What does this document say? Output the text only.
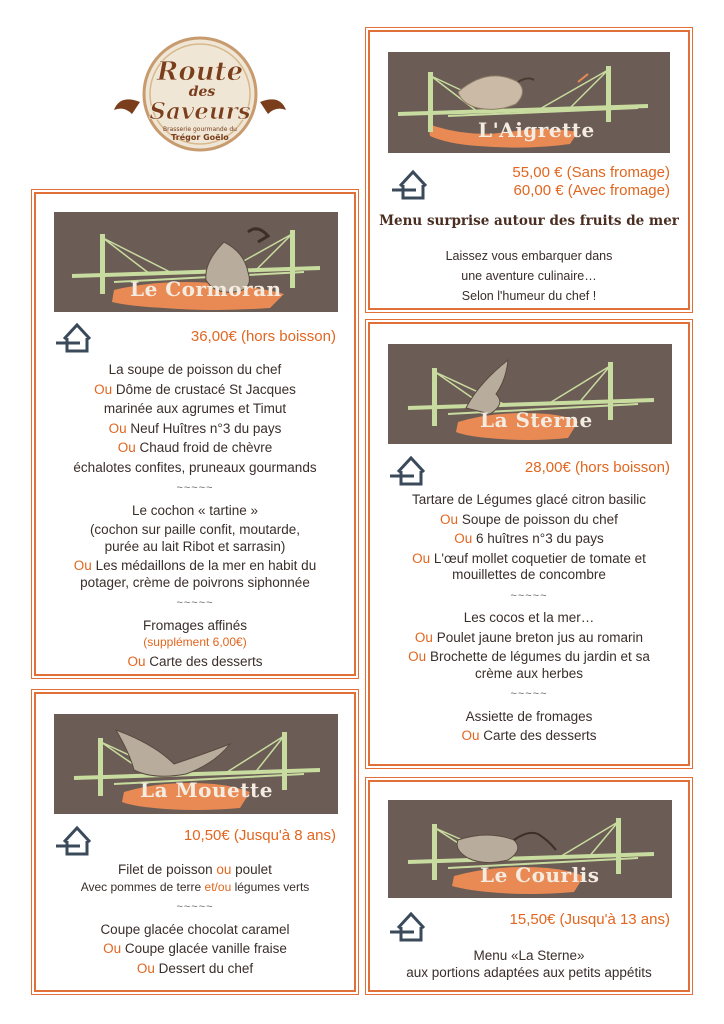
Route
des
Saveurs
Brasserie gourmande du
Trégor Goëlo	L'Aigrette
55,00 € (Sans fromage)
60,00 € (Avec fromage)
Menu surprise autour des fruits de mer
Laissez vous embarquer dans
une aventure culinaire…
Selon l'humeur du chef !
Le Cormoran
36,00€ (hors boisson)
La soupe de poisson du chef
Ou Dôme de crustacé St Jacques
marinée aux agrumes et Timut
Ou Neuf Huîtres n°3 du pays
Ou Chaud froid de chèvre
échalotes confites, pruneaux gourmands
~~~~~
Le cochon « tartine »
(cochon sur paille confit, moutarde,
purée au lait Ribot et sarrasin)
Ou Les médaillons de la mer en habit du
potager, crème de poivrons siphonnée
~~~~~
Fromages affinés
(supplément 6,00€)
Ou Carte des desserts
La Sterne
28,00€ (hors boisson)
Tartare de Légumes glacé citron basilic
Ou Soupe de poisson du chef
Ou 6 huîtres n°3 du pays
Ou L'œuf mollet coquetier de tomate et
mouillettes de concombre
~~~~~
Les cocos et la mer…
Ou Poulet jaune breton jus au romarin
Ou Brochette de légumes du jardin et sa
crème aux herbes
~~~~~
Assiette de fromages
Ou Carte des desserts
La Mouette
10,50€ (Jusqu'à 8 ans)
Filet de poisson ou poulet
Avec pommes de terre et/ou légumes verts
~~~~~
Coupe glacée chocolat caramel
Ou Coupe glacée vanille fraise
Ou Dessert du chef
Le Courlis
15,50€ (Jusqu'à 13 ans)
Menu «La Sterne»
aux portions adaptées aux petits appétits
